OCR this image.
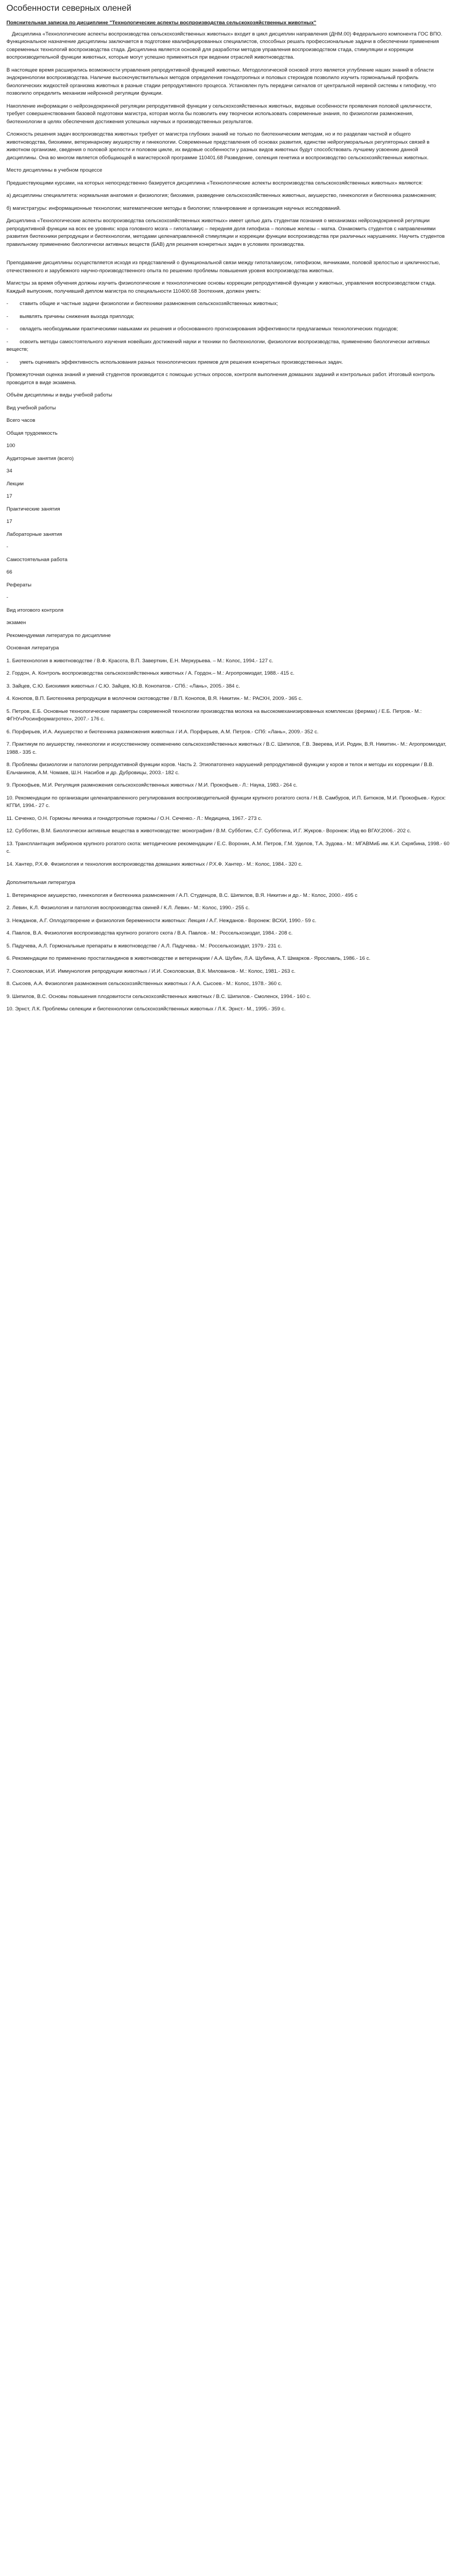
Особенности северных оленей
Пояснительная записка по дисциплине "Технологические аспекты воспроизводства сельскохозяйственных животных"

Дисциплина «Технологические аспекты воспроизводства сельскохозяйственных животных» входит в цикл дисциплин направления (ДНМ.00) Федерального компонента ГОС ВПО. Функциональное назначение дисциплины заключается в подготовке квалифицированных специалистов, способных решать профессиональные задачи в обеспечении применения современных технологий воспроизводства стада. Дисциплина является основой для разработки методов управления воспроизводством стада, стимуляции и коррекции воспроизводительной функции животных, которые могут успешно применяться при ведении отраслей животноводства.

В настоящее время расширились возможности управления репродуктивной функцией животных. Методологической основой этого является углубление наших знаний в области эндокринологии воспроизводства. Наличие высокочувствительных методов определения гонадотропных и половых стероидов позволило изучить гормональный профиль биологических жидкостей организма животных в разные стадии репродуктивного процесса. Установлен путь передачи сигналов от центральной нервной системы к гипофизу, что позволило определить механизм нейронной регуляции функции.

Накопление информации о нейроэндокринной регуляции репродуктивной функции у сельскохозяйственных животных, видовые особенности проявления половой цикличности, требует совершенствования базовой подготовки магистра, которая могла бы позволить ему творчески использовать современные знания, по физиологии размножения, биотехнологии в целях обеспечения достижения успешных научных и производственных результатов.

Сложность решения задач воспроизводства животных требует от магистра глубоких знаний не только по биотехническим методам, но и по разделам частной и общего животноводства, биохимии, ветеринарному акушерству и гинекологии. Современные представления об основах развития, единстве нейрогуморальных регуляторных связей в животном организме, сведения о половой зрелости и половом цикле, их видовые особенности у разных видов животных будут способствовать лучшему усвоению данной дисциплины. Она во многом является обобщающей в магистерской программе 110401.68 Разведение, селекция генетика и воспроизводство сельскохозяйственных животных.

Место дисциплины в учебном процессе

Предшествующими курсами, на которых непосредственно базируется дисциплина «Технологические аспекты воспроизводства сельскохозяйственных животных» являются:

а) дисциплины специалитета: нормальная анатомия и физиология; биохимия, разведение сельскохозяйственных животных, акушерство, гинекология и биотехника размножения;

б) магистратуры: информационные технологии; математические методы в биологии; планирование и организация научных исследований.

Дисциплина «Технологические аспекты воспроизводства сельскохозяйственных животных» имеет целью дать студентам познания о механизмах нейроэндокринной регуляции репродуктивной функции на всех ее уровнях: кора головного мозга – гипоталамус – передняя доля гипофиза – половые железы – матка. Ознакомить студентов с направлениями развития биотехники репродукции и биотехнологии, методами целенаправленной стимуляции и коррекции функции воспроизводства при различных нарушениях. Научить студентов правильному применению биологически активных веществ (БАВ) для решения конкретных задач в условиях производства.

Преподавание дисциплины осуществляется исходя из представлений о функциональной связи между гипоталамусом, гипофизом, яичниками, половой зрелостью и цикличностью, отечественного и зарубежного научно-производственного опыта по решению проблемы повышения уровня воспроизводства животных.

Магистры за время обучения должны изучить физиологические и технологические основы коррекции репродуктивной функции у животных, управления воспроизводством стада. Каждый выпускник, получивший диплом магистра по специальности 110400.68 Зоотехния, должен уметь:

-        ставить общие и частные задачи физиологии и биотехники размножения сельскохозяйственных животных;

-        выявлять причины снижения выхода приплода;

-        овладеть необходимыми практическими навыками их решения и обоснованного прогнозирования эффективности предлагаемых технологических подходов;

-        освоить методы самостоятельного изучения новейших достижений науки и техники по биотехнологии, физиологии воспроизводства, применению биологически активных веществ;

-        уметь оценивать эффективность использования разных технологических приемов для решения конкретных производственных задач.

Промежуточная оценка знаний и умений студентов производится с помощью устных опросов, контроля выполнения домашних заданий и контрольных работ. Итоговый контроль проводится в виде экзамена.

Объём дисциплины и виды учебной работы

Вид учебной работы

Всего часов

Общая трудоемкость

100

Аудиторные занятия (всего)

34

Лекции

17

Практические занятия

17

Лабораторные занятия

-

Самостоятельная работа

66

Рефераты

-

Вид итогового контроля

экзамен

Рекомендуемая литература по дисциплине

Основная литература

1. Биотехнология в животноводстве / В.Ф. Красота, В.П. Заверткин, Е.Н. Меркурьева. – М.: Колос, 1994.- 127 с.

2. Гордон, А. Контроль воспроизводства сельскохозяйственных животных / А. Гордон.– М.: Агропромиздат, 1988.- 415 с.

3. Зайцев, С.Ю. Биохимия животных / С.Ю. Зайцев, Ю.В. Конопатов.- СПб.: «Лань», 2005.- 384 с.

4. Конопов, В.П. Биотехника репродукции в молочном скотоводстве / В.П. Конопов, В.Я. Никитин.- М.: РАСХН, 2009.- 365 с.

5. Петров, Е.Б. Основные технологические параметры современной технологии производства молока на высокомеханизированных комплексах (фермах) / Е.Б. Петров.- М.: ФГНУ«Росинформагротех», 2007.- 176 с.

6. Порфирьев, И.А. Акушерство и биотехника размножения животных / И.А. Порфирьев, А.М. Петров.- СПб: «Лань», 2009.- 352 с.

7. Практикум по акушерству, гинекологии и искусственному осеменению сельскохозяйственных животных / В.С. Шипилов, Г.В. Зверева, И.И. Родин, В.Я. Никитин.- М.: Агропромиздат, 1988.- 335 с.

8. Проблемы физиологии и патологии репродуктивной функции коров. Часть 2. Этиопатогенез нарушений репродуктивной функции у коров и телок и методы их коррекции / В.В. Ельчанинов, А.М. Чомаев, Ш.Н. Насибов и др. Дубровицы, 2003.- 182 с.

9. Прокофьев, М.И. Регуляция размножения сельскохозяйственных животных / М.И. Прокофьев.- Л.: Наука, 1983.- 264 с.

10. Рекомендации по организации целенаправленного регулирования воспроизводительной функции крупного рогатого скота / Н.В. Самбуров, И.П. Битюков, М.И. Прокофьев.- Курск: КГПИ, 1994.- 27 с.

11. Сеченко, О.Н. Гормоны яичника и гонадотропные гормоны / О.Н. Сеченко.- Л.: Медицина, 1967.- 273 с.

12. Субботин, В.М. Биологически активные вещества в животноводстве: монография / В.М. Субботин, С.Г. Субботина, И.Г. Жукров.- Воронеж: Изд-во ВГАУ,2006.- 202 с.

13. Трансплантация эмбрионов крупного рогатого скота: методические рекомендации / Е.С. Воронин, А.М. Петров, Г.М. Уделов, Т.А. Зудова.- М.: МГАВМиБ им. К.И. Скрябина, 1998.- 60 с.

14. Хантер, Р.Х.Ф. Физиология и технология воспроизводства домашних животных / Р.Х.Ф. Хантер.- М.: Колос, 1984.- 320 с.

Дополнительная литература

1. Ветеринарное акушерство, гинекология и биотехника размножения / А.П. Студенцов, В.С. Шипилов, В.Я. Никитин и др.- М.: Колос, 2000.- 495 с

2. Левин, К.Л. Физиология и патология воспроизводства свиней / К.Л. Левин.- М.: Колос, 1990.- 255 с.

3. Нежданов, А.Г. Оплодотворение и физиология беременности животных: Лекция / А.Г. Нежданов.- Воронеж: ВСХИ, 1990.- 59 с.

4. Павлов, В.А. Физиология воспроизводства крупного рогатого скота / В.А. Павлов.- М.: Россельхозиздат, 1984.- 208 с.

5. Падучева, А.Л. Гормональные препараты в животноводстве / А.Л. Падучева.- М.: Россельхозиздат, 1979.- 231 с.

6. Рекомендации по применению простагландинов в животноводстве и ветеринарии / А.А. Шубин, Л.А. Шубина, А.Т. Шмарков.- Ярославль, 1986.- 16 с.

7. Соколовская, И.И. Иммунология репродукции животных / И.И. Соколовская, В.К. Милованов.- М.: Колос, 1981.- 263 с.

8. Сысоев, А.А. Физиология размножения сельскохозяйственных животных / А.А. Сысоев.- М.: Колос, 1978.- 360 с.

9. Шипилов, В.С. Основы повышения плодовитости сельскохозяйственных животных / В.С. Шипилов.- Смоленск, 1994.- 160 с.

10. Эрнст, Л.К. Проблемы селекции и биотехнологии сельскохозяйственных животных / Л.К. Эрнст.- М., 1995.- 359 с.
